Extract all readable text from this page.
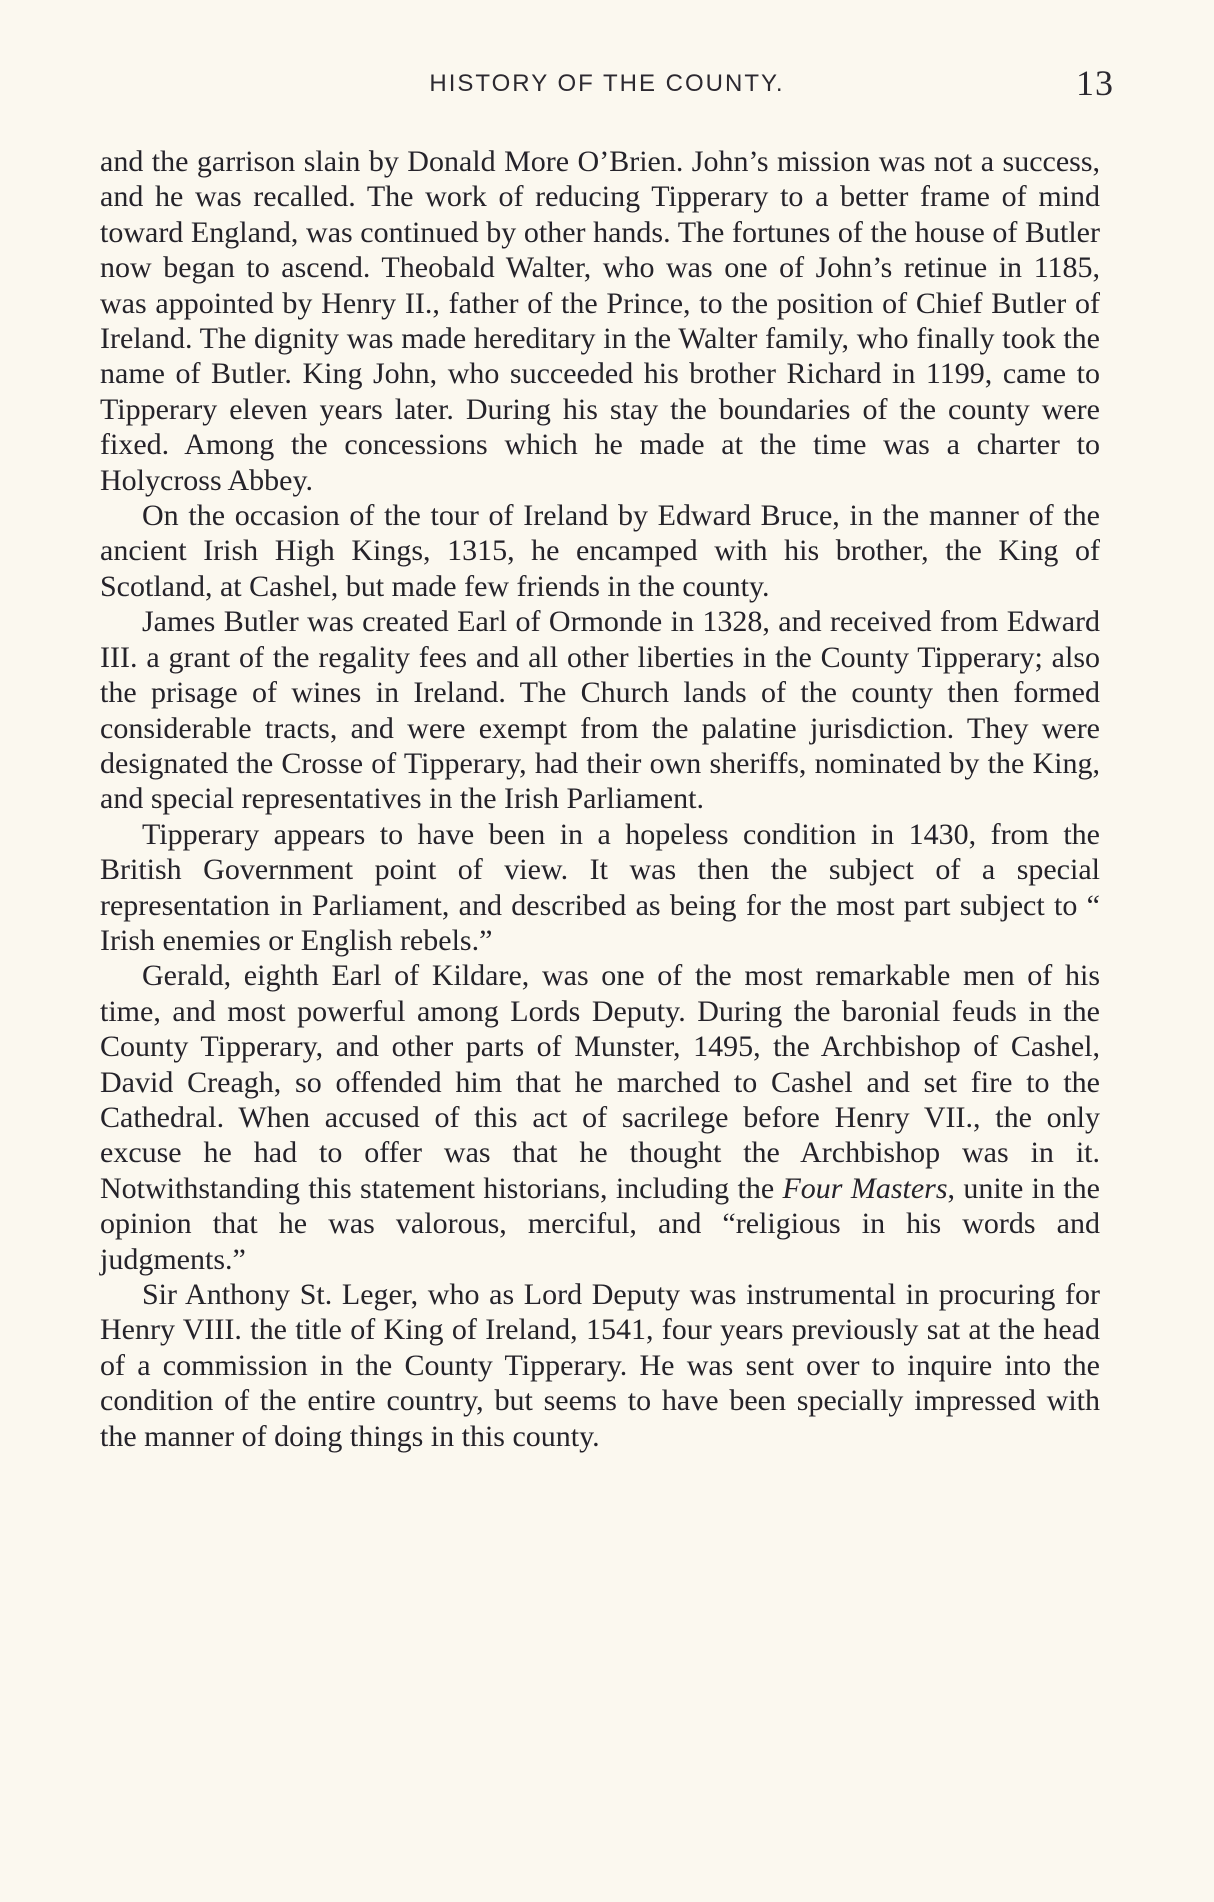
HISTORY OF THE COUNTY.	13

and the garrison slain by Donald More O’Brien. John’s mission was not a success, and he was recalled. The work of reducing Tipperary to a better frame of mind toward England, was continued by other hands. The fortunes of the house of Butler now began to ascend. Theobald Walter, who was one of John’s retinue in 1185, was appointed by Henry II., father of the Prince, to the position of Chief Butler of Ireland. The dignity was made hereditary in the Walter family, who finally took the name of Butler. King John, who succeeded his brother Richard in 1199, came to Tipperary eleven years later. During his stay the boundaries of the county were fixed. Among the concessions which he made at the time was a charter to Holycross Abbey.

On the occasion of the tour of Ireland by Edward Bruce, in the manner of the ancient Irish High Kings, 1315, he encamped with his brother, the King of Scotland, at Cashel, but made few friends in the county.

James Butler was created Earl of Ormonde in 1328, and received from Edward III. a grant of the regality fees and all other liberties in the County Tipperary; also the prisage of wines in Ireland. The Church lands of the county then formed considerable tracts, and were exempt from the palatine jurisdiction. They were designated the Crosse of Tipperary, had their own sheriffs, nominated by the King, and special representatives in the Irish Parliament.

Tipperary appears to have been in a hopeless condition in 1430, from the British Government point of view. It was then the subject of a special representation in Parliament, and described as being for the most part subject to “ Irish enemies or English rebels.”

Gerald, eighth Earl of Kildare, was one of the most remarkable men of his time, and most powerful among Lords Deputy. During the baronial feuds in the County Tipperary, and other parts of Munster, 1495, the Archbishop of Cashel, David Creagh, so offended him that he marched to Cashel and set fire to the Cathedral. When accused of this act of sacrilege before Henry VII., the only excuse he had to offer was that he thought the Archbishop was in it. Notwithstanding this statement historians, including the Four Masters, unite in the opinion that he was valorous, merciful, and “religious in his words and judgments.”

Sir Anthony St. Leger, who as Lord Deputy was instrumental in procuring for Henry VIII. the title of King of Ireland, 1541, four years previously sat at the head of a commission in the County Tipperary. He was sent over to inquire into the condition of the entire country, but seems to have been specially impressed with the manner of doing things in this county.
